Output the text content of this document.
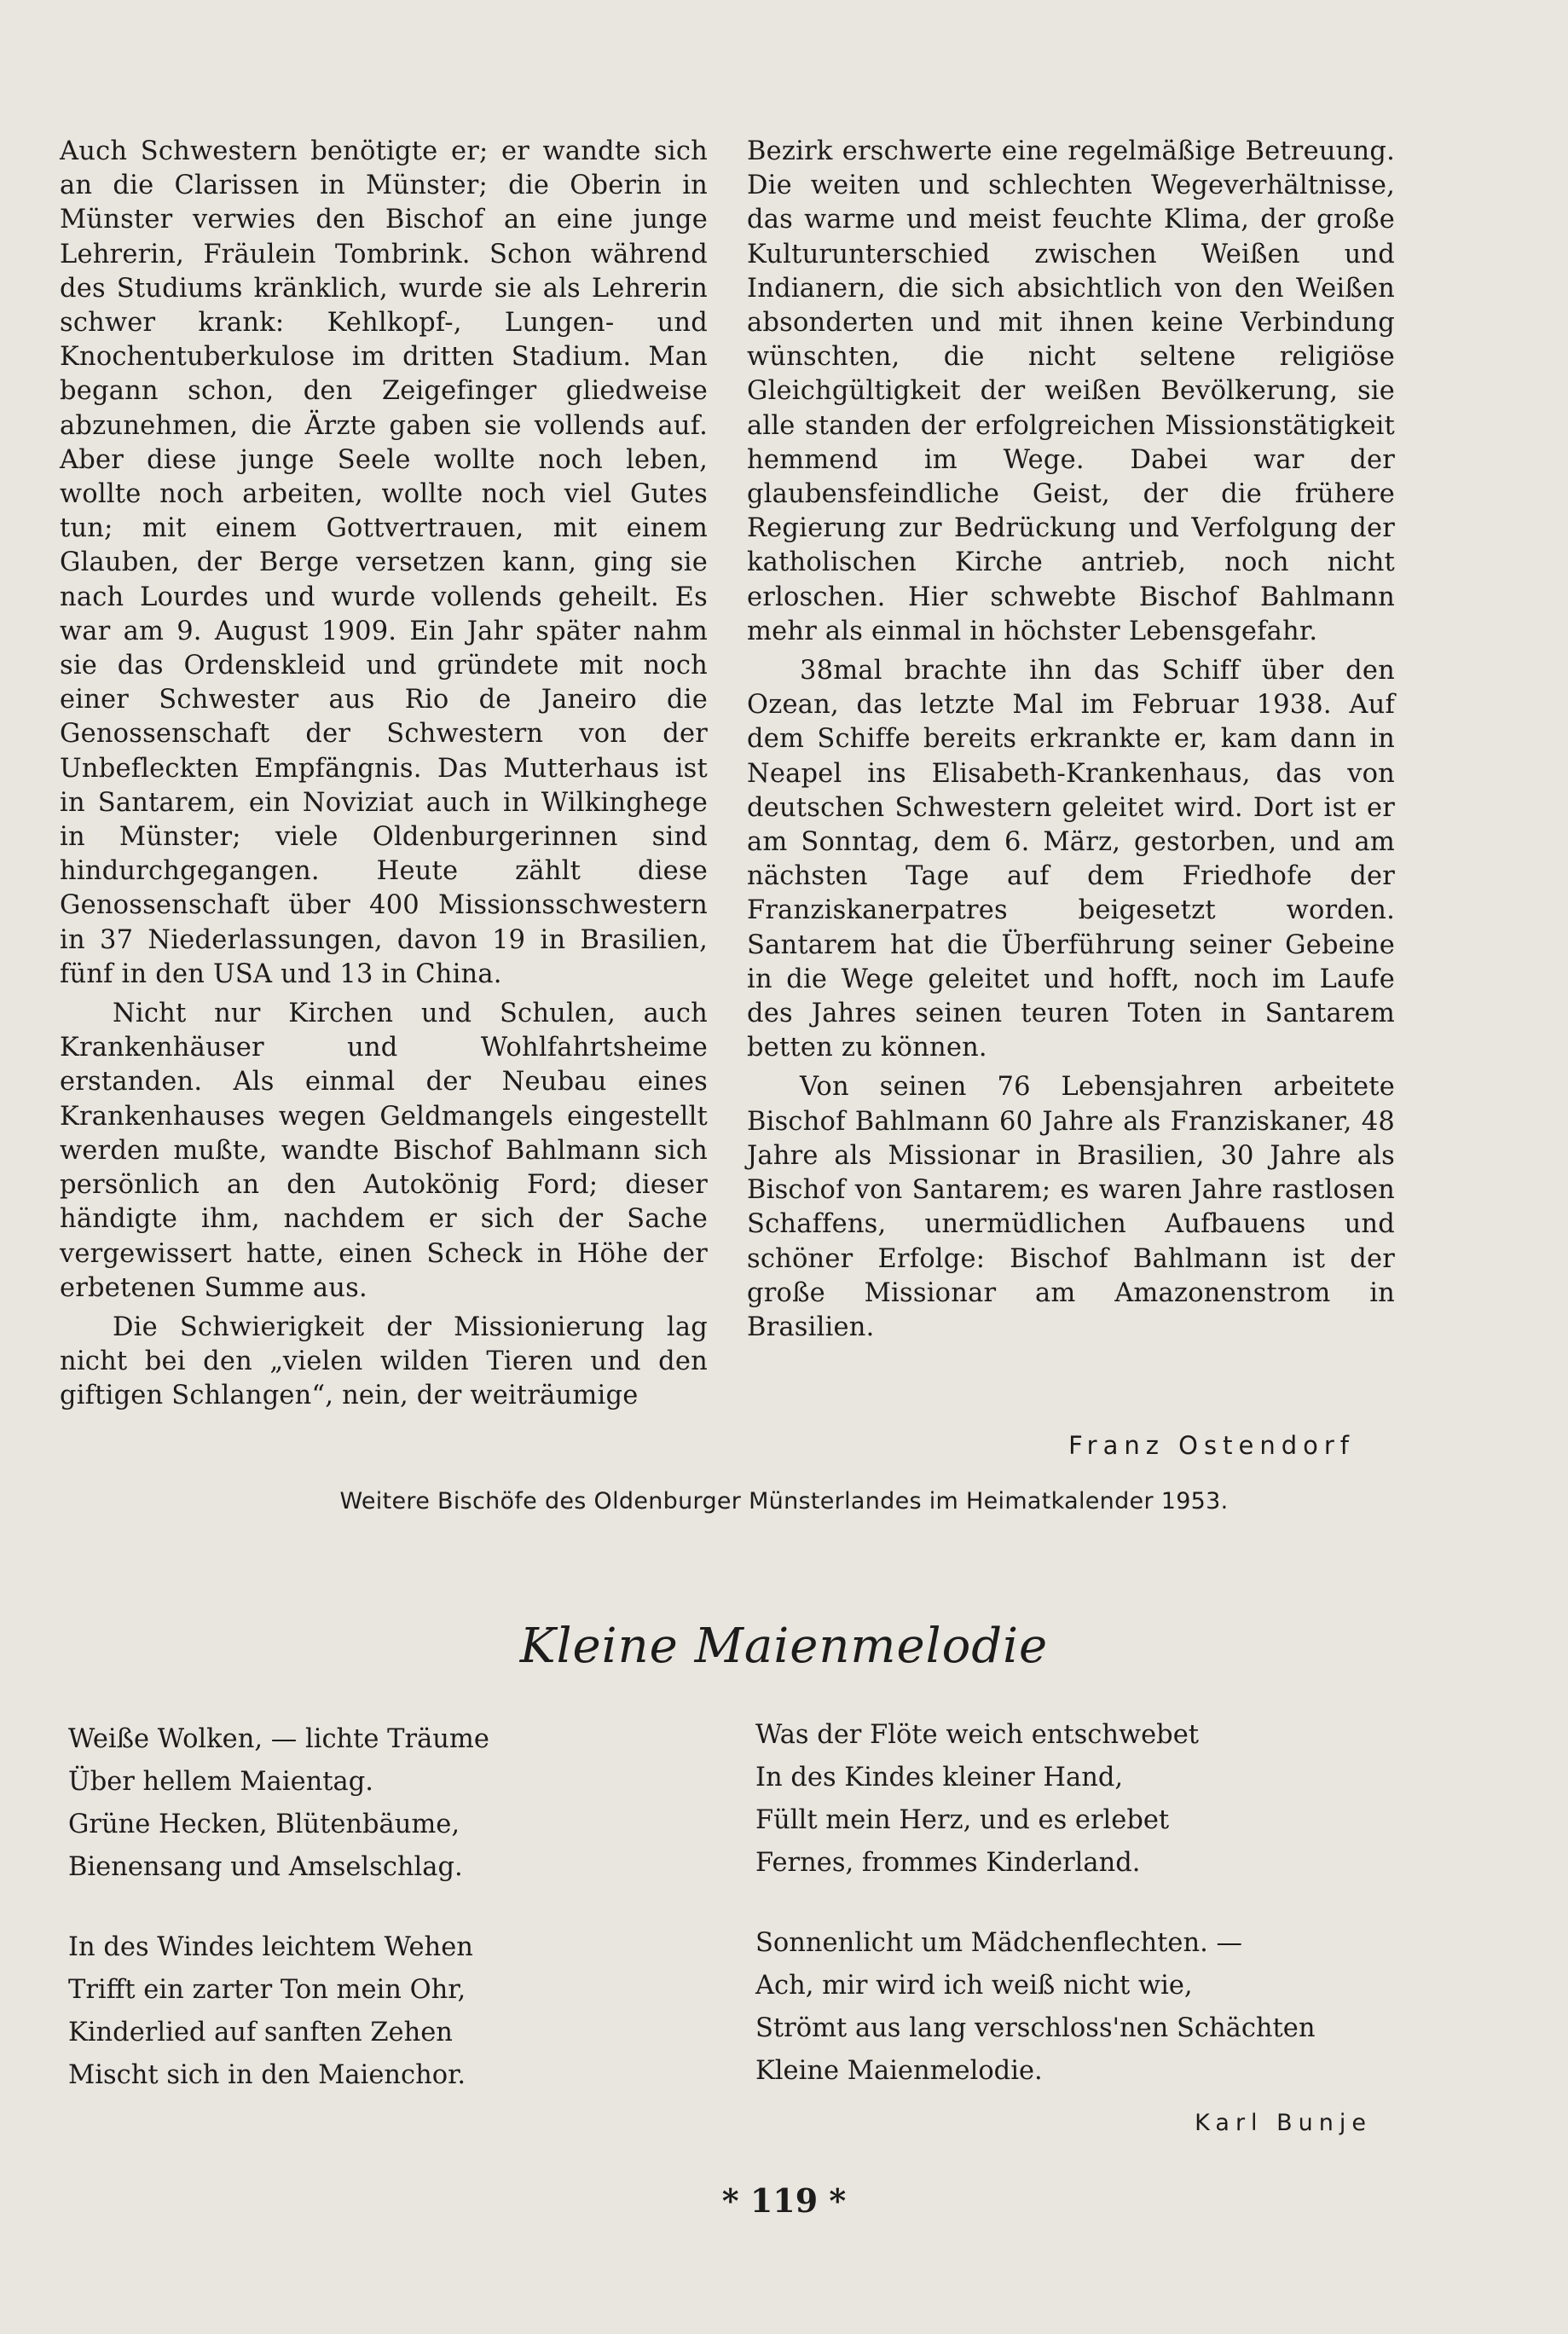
Auch Schwestern benötigte er; er wandte sich an die Clarissen in Münster; die Oberin in Münster verwies den Bischof an eine junge Lehrerin, Fräulein Tombrink. Schon während des Studiums kränklich, wurde sie als Lehrerin schwer krank: Kehlkopf-, Lungen- und Knochentuberkulose im dritten Stadium. Man begann schon, den Zeigefinger gliedweise abzunehmen, die Ärzte gaben sie vollends auf. Aber diese junge Seele wollte noch leben, wollte noch arbeiten, wollte noch viel Gutes tun; mit einem Gottvertrauen, mit einem Glauben, der Berge versetzen kann, ging sie nach Lourdes und wurde vollends geheilt. Es war am 9. August 1909. Ein Jahr später nahm sie das Ordenskleid und gründete mit noch einer Schwester aus Rio de Janeiro die Genossenschaft der Schwestern von der Unbefleckten Empfängnis. Das Mutterhaus ist in Santarem, ein Noviziat auch in Wilkinghege in Münster; viele Oldenburgerinnen sind hindurchgegangen. Heute zählt diese Genossenschaft über 400 Missionsschwestern in 37 Niederlassungen, davon 19 in Brasilien, fünf in den USA und 13 in China.

Nicht nur Kirchen und Schulen, auch Krankenhäuser und Wohlfahrtsheime erstanden. Als einmal der Neubau eines Krankenhauses wegen Geldmangels eingestellt werden mußte, wandte Bischof Bahlmann sich persönlich an den Autokönig Ford; dieser händigte ihm, nachdem er sich der Sache vergewissert hatte, einen Scheck in Höhe der erbetenen Summe aus.

Die Schwierigkeit der Missionierung lag nicht bei den „vielen wilden Tieren und den giftigen Schlangen“, nein, der weiträumige

Bezirk erschwerte eine regelmäßige Betreuung. Die weiten und schlechten Wegeverhältnisse, das warme und meist feuchte Klima, der große Kulturunterschied zwischen Weißen und Indianern, die sich absichtlich von den Weißen absonderten und mit ihnen keine Verbindung wünschten, die nicht seltene religiöse Gleichgültigkeit der weißen Bevölkerung, sie alle standen der erfolgreichen Missionstätigkeit hemmend im Wege. Dabei war der glaubensfeindliche Geist, der die frühere Regierung zur Bedrückung und Verfolgung der katholischen Kirche antrieb, noch nicht erloschen. Hier schwebte Bischof Bahlmann mehr als einmal in höchster Lebensgefahr.

38mal brachte ihn das Schiff über den Ozean, das letzte Mal im Februar 1938. Auf dem Schiffe bereits erkrankte er, kam dann in Neapel ins Elisabeth-Krankenhaus, das von deutschen Schwestern geleitet wird. Dort ist er am Sonntag, dem 6. März, gestorben, und am nächsten Tage auf dem Friedhofe der Franziskanerpatres beigesetzt worden. Santarem hat die Überführung seiner Gebeine in die Wege geleitet und hofft, noch im Laufe des Jahres seinen teuren Toten in Santarem betten zu können.

Von seinen 76 Lebensjahren arbeitete Bischof Bahlmann 60 Jahre als Franziskaner, 48 Jahre als Missionar in Brasilien, 30 Jahre als Bischof von Santarem; es waren Jahre rastlosen Schaffens, unermüdlichen Aufbauens und schöner Erfolge: Bischof Bahlmann ist der große Missionar am Amazonenstrom in Brasilien.

Franz Ostendorf
Weitere Bischöfe des Oldenburger Münsterlandes im Heimatkalender 1953.
Kleine Maienmelodie
Weiße Wolken, — lichte Träume
Über hellem Maientag.
Grüne Hecken, Blütenbäume,
Bienensang und Amselschlag.
In des Windes leichtem Wehen
Trifft ein zarter Ton mein Ohr,
Kinderlied auf sanften Zehen
Mischt sich in den Maienchor.
Was der Flöte weich entschwebet
In des Kindes kleiner Hand,
Füllt mein Herz, und es erlebet
Fernes, frommes Kinderland.
Sonnenlicht um Mädchenflechten. —
Ach, mir wird ich weiß nicht wie,
Strömt aus lang verschloss'nen Schächten
Kleine Maienmelodie.
Karl Bunje
* 119 *
